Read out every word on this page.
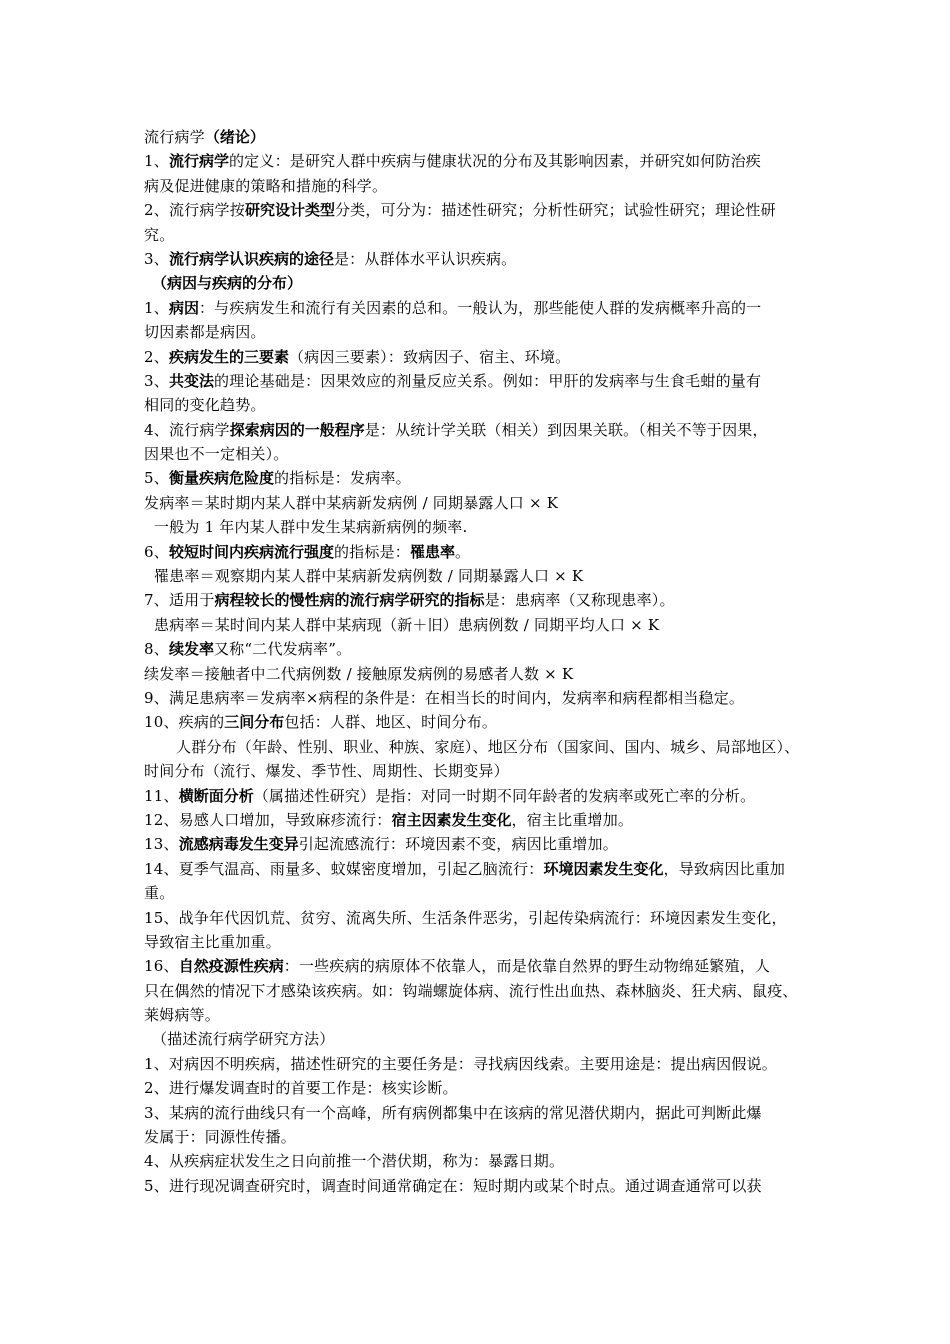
流行病学（绪论）
1、流行病学的定义：是研究人群中疾病与健康状况的分布及其影响因素，并研究如何防治疾
病及促进健康的策略和措施的科学。
2、流行病学按研究设计类型分类，可分为：描述性研究；分析性研究；试验性研究；理论性研
究。
3、流行病学认识疾病的途径是：从群体水平认识疾病。
（病因与疾病的分布）
1、病因：与疾病发生和流行有关因素的总和。一般认为，那些能使人群的发病概率升高的一
切因素都是病因。
2、疾病发生的三要素（病因三要素）：致病因子、宿主、环境。
3、共变法的理论基础是：因果效应的剂量反应关系。例如：甲肝的发病率与生食毛蚶的量有
相同的变化趋势。
4、流行病学探索病因的一般程序是：从统计学关联（相关）到因果关联。（相关不等于因果，
因果也不一定相关）。
5、衡量疾病危险度的指标是：发病率。
发病率＝某时期内某人群中某病新发病例 / 同期暴露人口 × K
一般为 1 年内某人群中发生某病新病例的频率.
6、较短时间内疾病流行强度的指标是：罹患率。
罹患率＝观察期内某人群中某病新发病例数 / 同期暴露人口 × K
7、适用于病程较长的慢性病的流行病学研究的指标是：患病率（又称现患率）。
患病率＝某时间内某人群中某病现（新＋旧）患病例数 / 同期平均人口 × K
8、续发率又称“二代发病率”。
续发率＝接触者中二代病例数 / 接触原发病例的易感者人数 × K
9、满足患病率＝发病率×病程的条件是：在相当长的时间内，发病率和病程都相当稳定。
10、疾病的三间分布包括：人群、地区、时间分布。
人群分布（年龄、性别、职业、种族、家庭）、地区分布（国家间、国内、城乡、局部地区）、
时间分布（流行、爆发、季节性、周期性、长期变异）
11、横断面分析（属描述性研究）是指：对同一时期不同年龄者的发病率或死亡率的分析。
12、易感人口增加，导致麻疹流行：宿主因素发生变化，宿主比重增加。
13、流感病毒发生变异引起流感流行：环境因素不变，病因比重增加。
14、夏季气温高、雨量多、蚊媒密度增加，引起乙脑流行：环境因素发生变化，导致病因比重加
重。
15、战争年代因饥荒、贫穷、流离失所、生活条件恶劣，引起传染病流行：环境因素发生变化，
导致宿主比重加重。
16、自然疫源性疾病：一些疾病的病原体不依靠人，而是依靠自然界的野生动物绵延繁殖，人
只在偶然的情况下才感染该疾病。如：钩端螺旋体病、流行性出血热、森林脑炎、狂犬病、鼠疫、
莱姆病等。
（描述流行病学研究方法）
1、对病因不明疾病，描述性研究的主要任务是：寻找病因线索。主要用途是：提出病因假说。
2、进行爆发调查时的首要工作是：核实诊断。
3、某病的流行曲线只有一个高峰，所有病例都集中在该病的常见潜伏期内，据此可判断此爆
发属于：同源性传播。
4、从疾病症状发生之日向前推一个潜伏期，称为：暴露日期。
5、进行现况调查研究时，调查时间通常确定在：短时期内或某个时点。通过调查通常可以获
